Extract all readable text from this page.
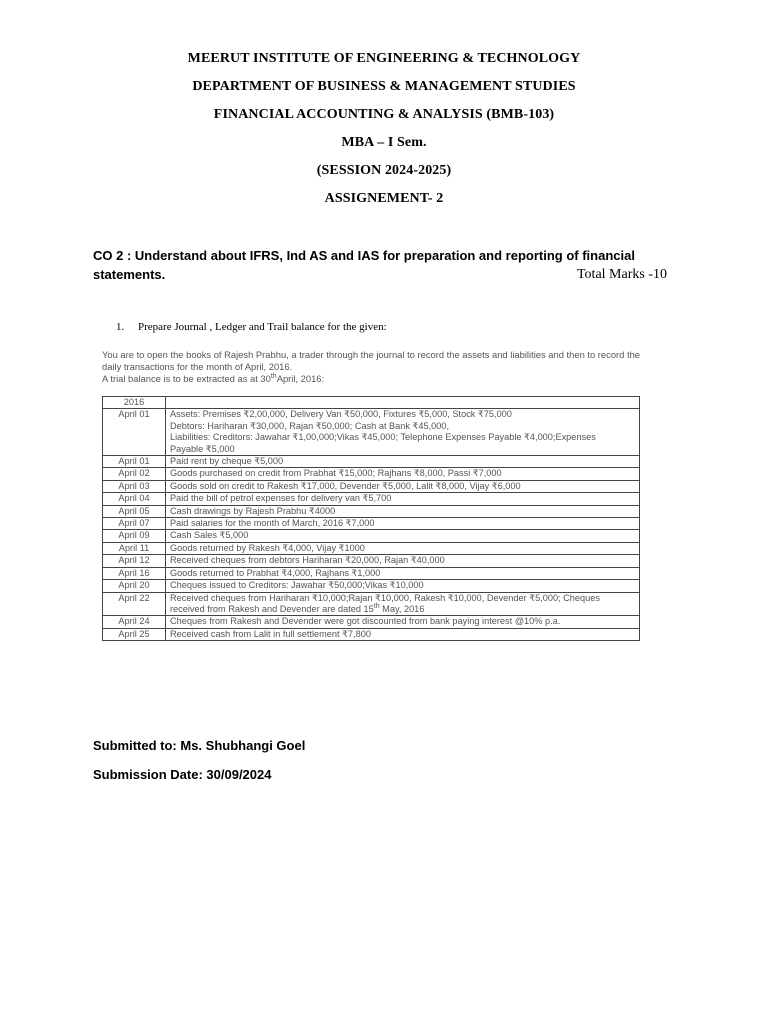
MEERUT INSTITUTE OF ENGINEERING & TECHNOLOGY
DEPARTMENT OF BUSINESS & MANAGEMENT STUDIES
FINANCIAL ACCOUNTING & ANALYSIS (BMB-103)
MBA – I Sem.
(SESSION 2024-2025)
ASSIGNEMENT- 2
CO 2 : Understand about IFRS, Ind AS and IAS for preparation and reporting of financial
statements.	Total Marks -10
1. Prepare Journal , Ledger and Trail balance for the given:
You are to open the books of Rajesh Prabhu, a trader through the journal to record the assets and liabilities and then to record the
daily transactions for the month of April, 2016.
A trial balance is to be extracted as at 30thApril, 2016:
2016	
April 01	Assets: Premises ₹2,00,000, Delivery Van ₹50,000, Fixtures ₹5,000, Stock ₹75,000
Debtors: Hariharan ₹30,000, Rajan ₹50,000; Cash at Bank ₹45,000,
Liabilities: Creditors: Jawahar ₹1,00,000;Vikas ₹45,000; Telephone Expenses Payable ₹4,000;Expenses
Payable ₹5,000

April 01	Paid rent by cheque ₹5,000

April 02	Goods purchased on credit from Prabhat ₹15,000; Rajhans ₹8,000, Passi ₹7,000

April 03	Goods sold on credit to Rakesh ₹17,000, Devender ₹5,000, Lalit ₹8,000, Vijay ₹6,000

April 04	Paid the bill of petrol expenses for delivery van ₹5,700

April 05	Cash drawings by Rajesh Prabhu ₹4000

April 07	Paid salaries for the month of March, 2016 ₹7,000

April 09	Cash Sales ₹5,000

April 11	Goods returned by Rakesh ₹4,000, Vijay ₹1000

April 12	Received cheques from debtors Hariharan ₹20,000, Rajan ₹40,000

April 16	Goods returned to Prabhat ₹4,000, Rajhans ₹1,000

April 20	Cheques issued to Creditors: Jawahar ₹50,000;Vikas ₹10,000

April 22	Received cheques from Hariharan ₹10,000;Rajan ₹10,000, Rakesh ₹10,000, Devender ₹5,000; Cheques
received from Rakesh and Devender are dated 15th May, 2016

April 24	Cheques from Rakesh and Devender were got discounted from bank paying interest @10% p.a.

April 25	Received cash from Lalit in full settlement ₹7,800
Submitted to: Ms. Shubhangi Goel
Submission Date: 30/09/2024
